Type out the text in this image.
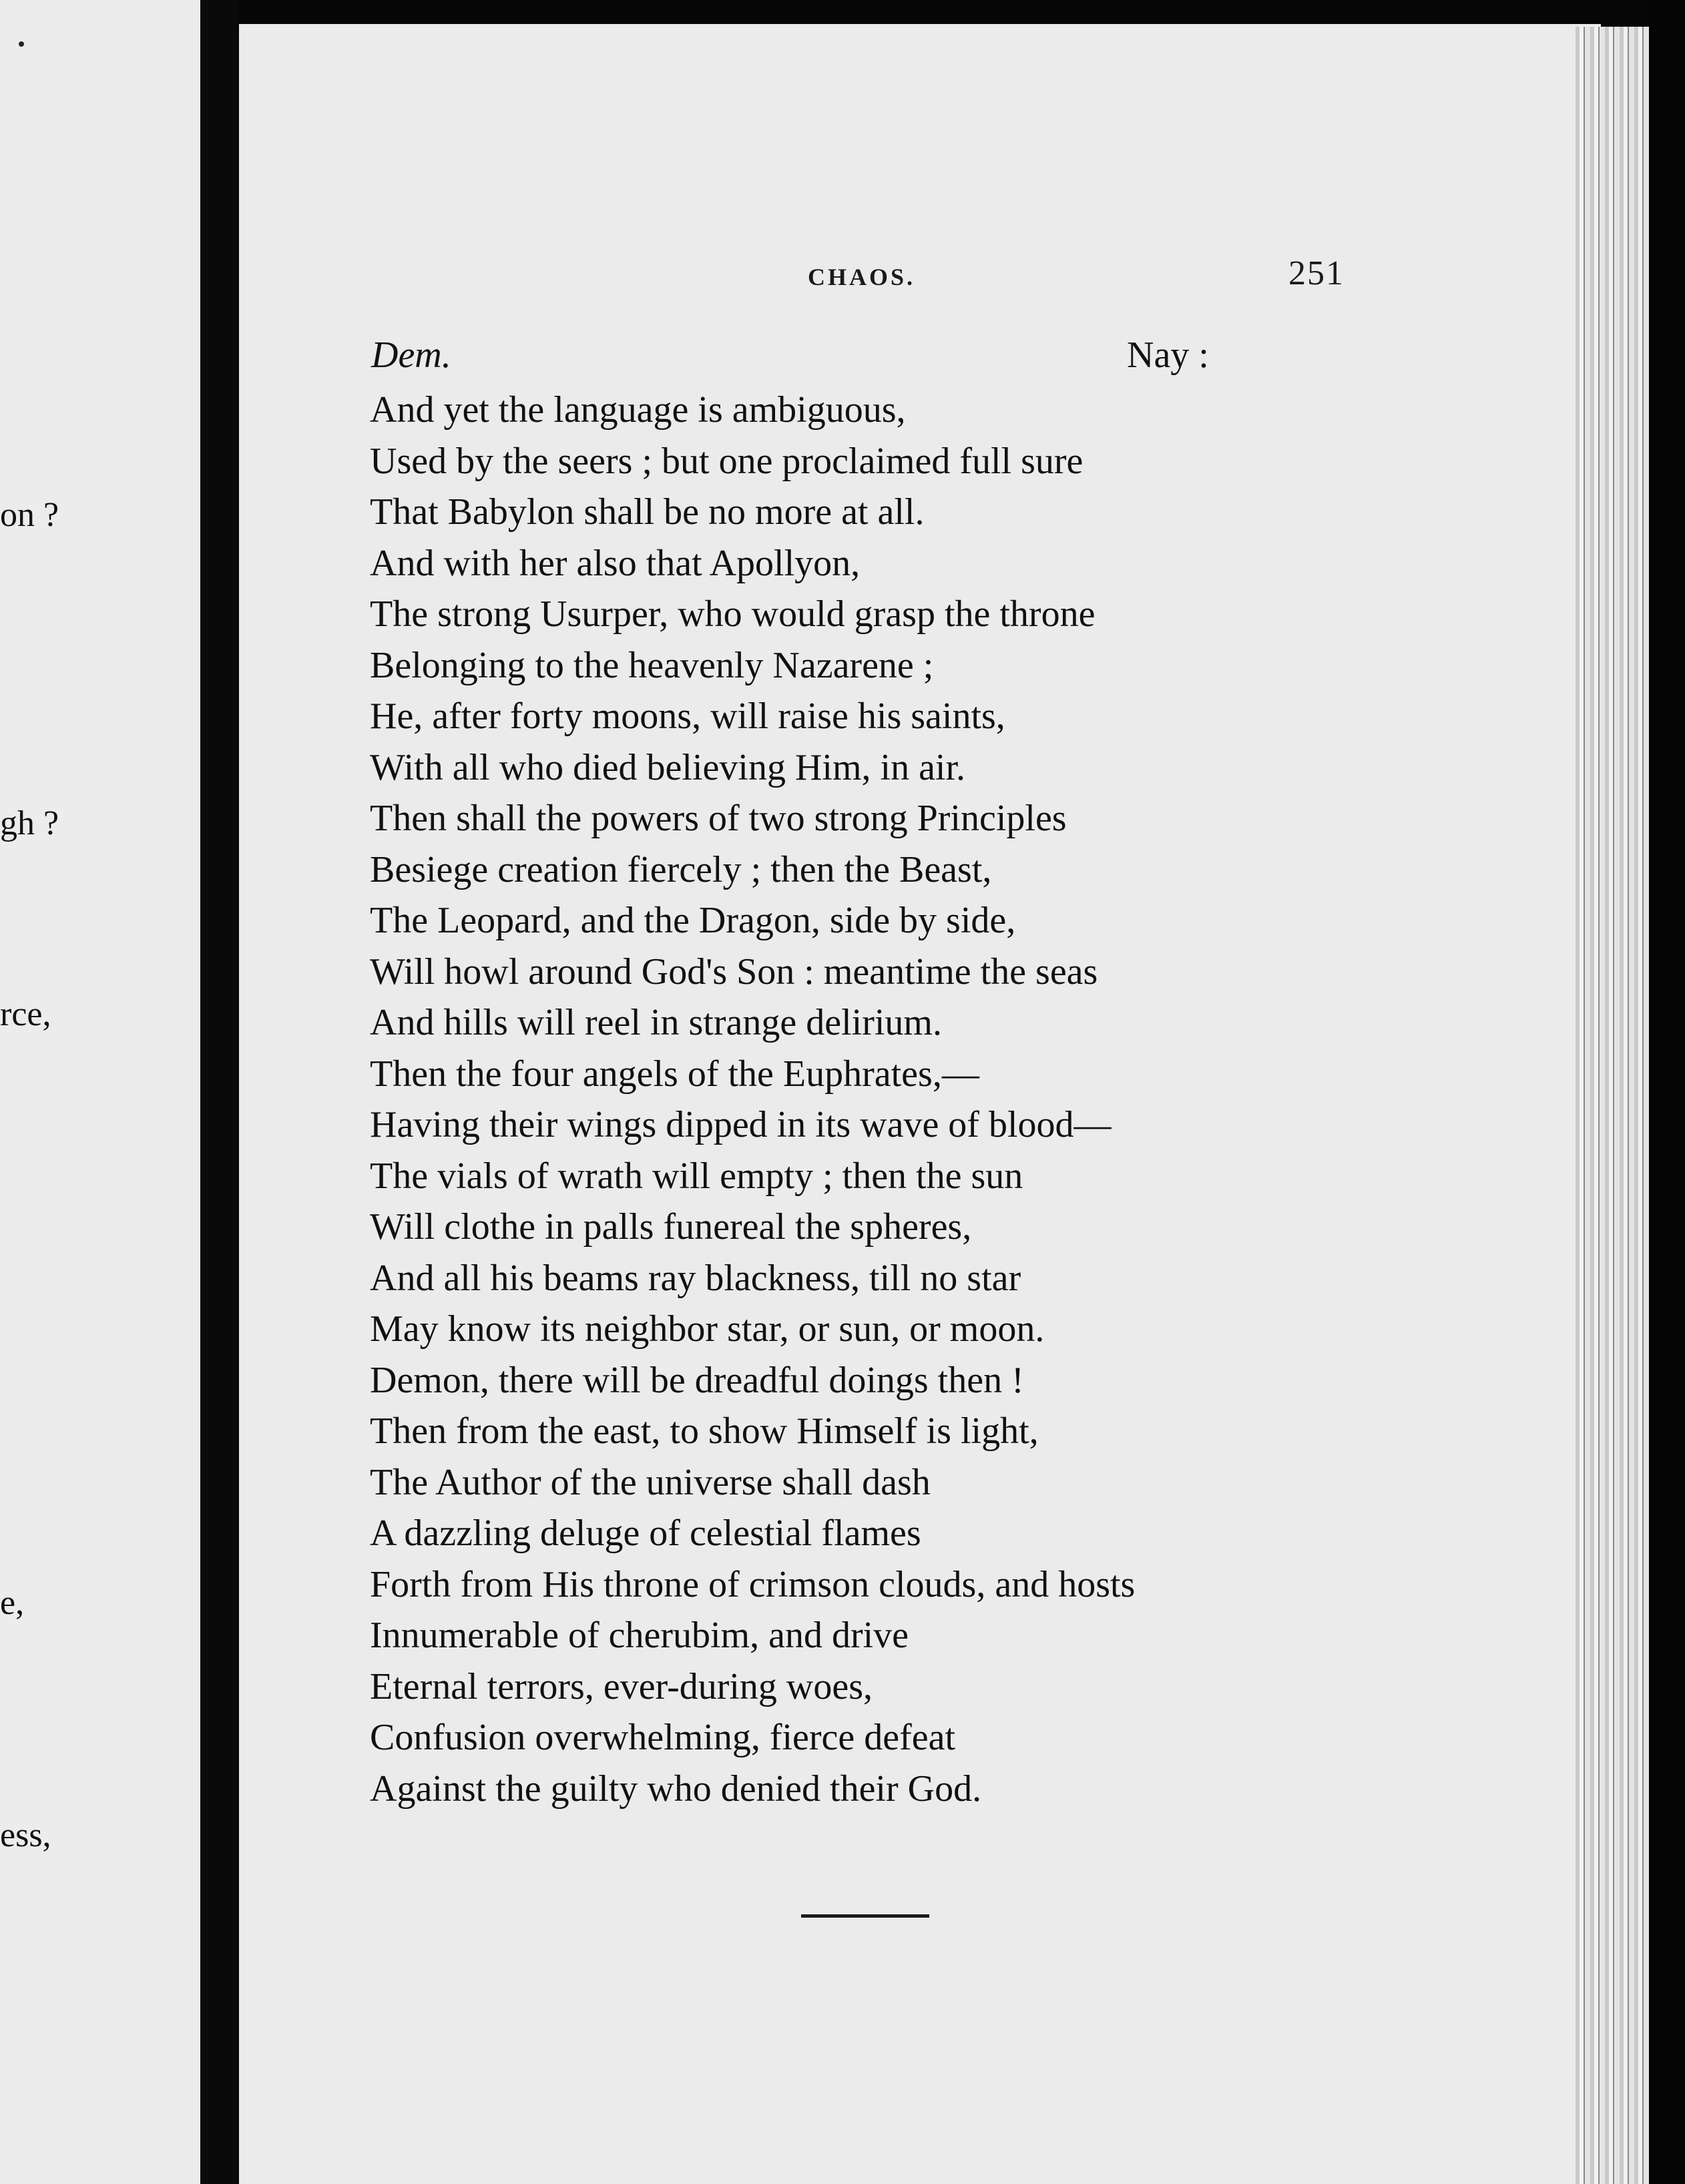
on ?
gh ?
rce,
e,
ess,
CHAOS.	251
Dem.	Nay :
And yet the language is ambiguous,
Used by the seers ; but one proclaimed full sure
That Babylon shall be no more at all.
And with her also that Apollyon,
The strong Usurper, who would grasp the throne
Belonging to the heavenly Nazarene ;
He, after forty moons, will raise his saints,
With all who died believing Him, in air.
Then shall the powers of two strong Principles
Besiege creation fiercely ; then the Beast,
The Leopard, and the Dragon, side by side,
Will howl around God's Son : meantime the seas
And hills will reel in strange delirium.
Then the four angels of the Euphrates,—
Having their wings dipped in its wave of blood—
The vials of wrath will empty ; then the sun
Will clothe in palls funereal the spheres,
And all his beams ray blackness, till no star
May know its neighbor star, or sun, or moon.
Demon, there will be dreadful doings then !
Then from the east, to show Himself is light,
The Author of the universe shall dash
A dazzling deluge of celestial flames
Forth from His throne of crimson clouds, and hosts
Innumerable of cherubim, and drive
Eternal terrors, ever-during woes,
Confusion overwhelming, fierce defeat
Against the guilty who denied their God.
